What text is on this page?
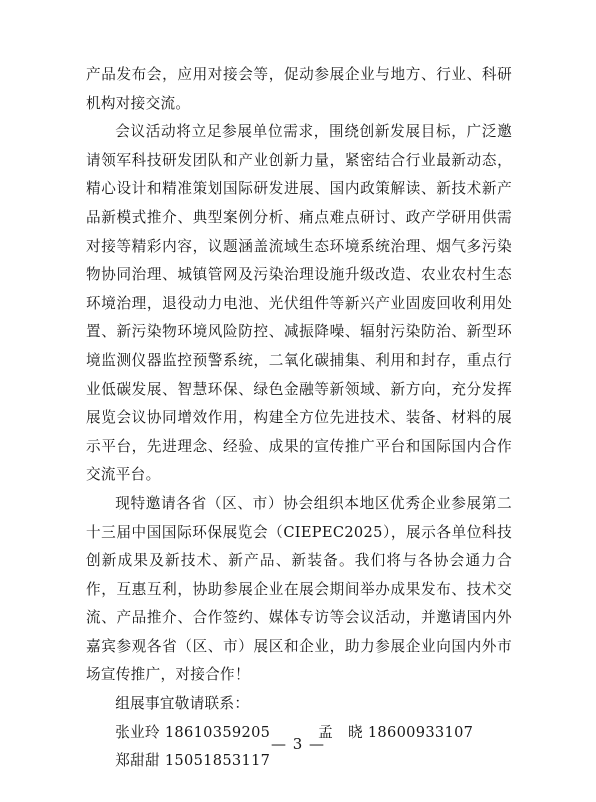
产品发布会，应用对接会等，促动参展企业与地方、行业、科研机构对接交流。

会议活动将立足参展单位需求，围绕创新发展目标，广泛邀请领军科技研发团队和产业创新力量，紧密结合行业最新动态，精心设计和精准策划国际研发进展、国内政策解读、新技术新产品新模式推介、典型案例分析、痛点难点研讨、政产学研用供需对接等精彩内容，议题涵盖流域生态环境系统治理、烟气多污染物协同治理、城镇管网及污染治理设施升级改造、农业农村生态环境治理，退役动力电池、光伏组件等新兴产业固废回收利用处置、新污染物环境风险防控、减振降噪、辐射污染防治、新型环境监测仪器监控预警系统，二氧化碳捕集、利用和封存，重点行业低碳发展、智慧环保、绿色金融等新领域、新方向，充分发挥展览会议协同增效作用，构建全方位先进技术、装备、材料的展示平台，先进理念、经验、成果的宣传推广平台和国际国内合作交流平台。

现特邀请各省（区、市）协会组织本地区优秀企业参展第二十三届中国国际环保展览会（CIEPEC2025），展示各单位科技创新成果及新技术、新产品、新装备。我们将与各协会通力合作，互惠互利，协助参展企业在展会期间举办成果发布、技术交流、产品推介、合作签约、媒体专访等会议活动，并邀请国内外嘉宾参观各省（区、市）展区和企业，助力参展企业向国内外市场宣传推广，对接合作！

组展事宜敬请联系：

张业玲 18610359205	孟　晓 18600933107

郑甜甜 15051853117

— 3 —
